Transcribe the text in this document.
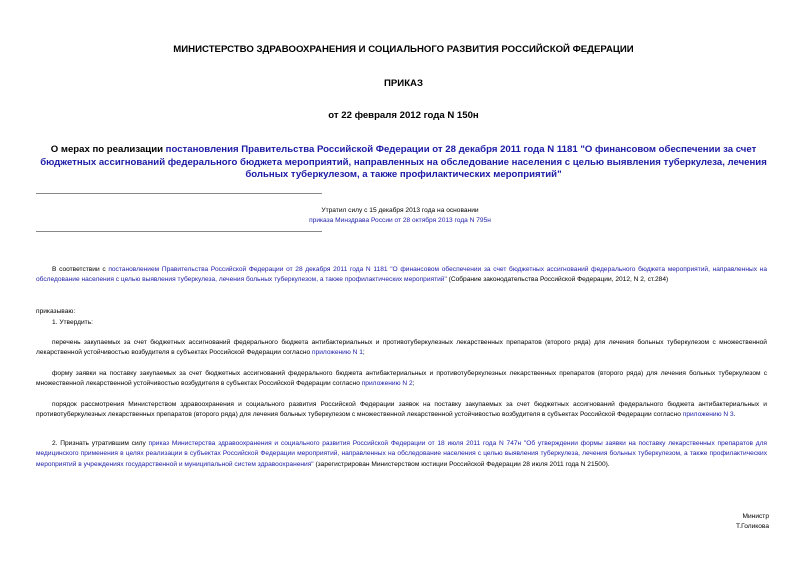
МИНИСТЕРСТВО ЗДРАВООХРАНЕНИЯ И СОЦИАЛЬНОГО РАЗВИТИЯ РОССИЙСКОЙ ФЕДЕРАЦИИ
ПРИКАЗ
от 22 февраля 2012 года N 150н
О мерах по реализации постановления Правительства Российской Федерации от 28 декабря 2011 года N 1181 "О финансовом обеспечении за счет бюджетных ассигнований федерального бюджета мероприятий, направленных на обследование населения с целью выявления туберкулеза, лечения больных туберкулезом, а также профилактических мероприятий"
Утратил силу с 15 декабря 2013 года на основании
приказа Минздрава России от 28 октября 2013 года N 795н
В соответствии с постановлением Правительства Российской Федерации от 28 декабря 2011 года N 1181 "О финансовом обеспечении за счет бюджетных ассигнований федерального бюджета мероприятий, направленных на обследование населения с целью выявления туберкулеза, лечения больных туберкулезом, а также профилактических мероприятий" (Собрание законодательства Российской Федерации, 2012, N 2, ст.284)
приказываю:
1. Утвердить:
перечень закупаемых за счет бюджетных ассигнований федерального бюджета антибактериальных и противотуберкулезных лекарственных препаратов (второго ряда) для лечения больных туберкулезом с множественной лекарственной устойчивостью возбудителя в субъектах Российской Федерации согласно приложению N 1;
форму заявки на поставку закупаемых за счет бюджетных ассигнований федерального бюджета антибактериальных и противотуберкулезных лекарственных препаратов (второго ряда) для лечения больных туберкулезом с множественной лекарственной устойчивостью возбудителя в субъектах Российской Федерации согласно приложению N 2;
порядок рассмотрения Министерством здравоохранения и социального развития Российской Федерации заявок на поставку закупаемых за счет бюджетных ассигнований федерального бюджета антибактериальных и противотуберкулезных лекарственных препаратов (второго ряда) для лечения больных туберкулезом с множественной лекарственной устойчивостью возбудителя в субъектах Российской Федерации согласно приложению N 3.
2. Признать утратившим силу приказ Министерства здравоохранения и социального развития Российской Федерации от 18 июля 2011 года N 747н "Об утверждении формы заявки на поставку лекарственных препаратов для медицинского применения в целях реализации в субъектах Российской Федерации мероприятий, направленных на обследование населения с целью выявления туберкулеза, лечения больных туберкулезом, а также профилактических мероприятий в учреждениях государственной и муниципальной систем здравоохранения" (зарегистрирован Министерством юстиции Российской Федерации 28 июля 2011 года N 21500).
Министр
Т.Голикова
